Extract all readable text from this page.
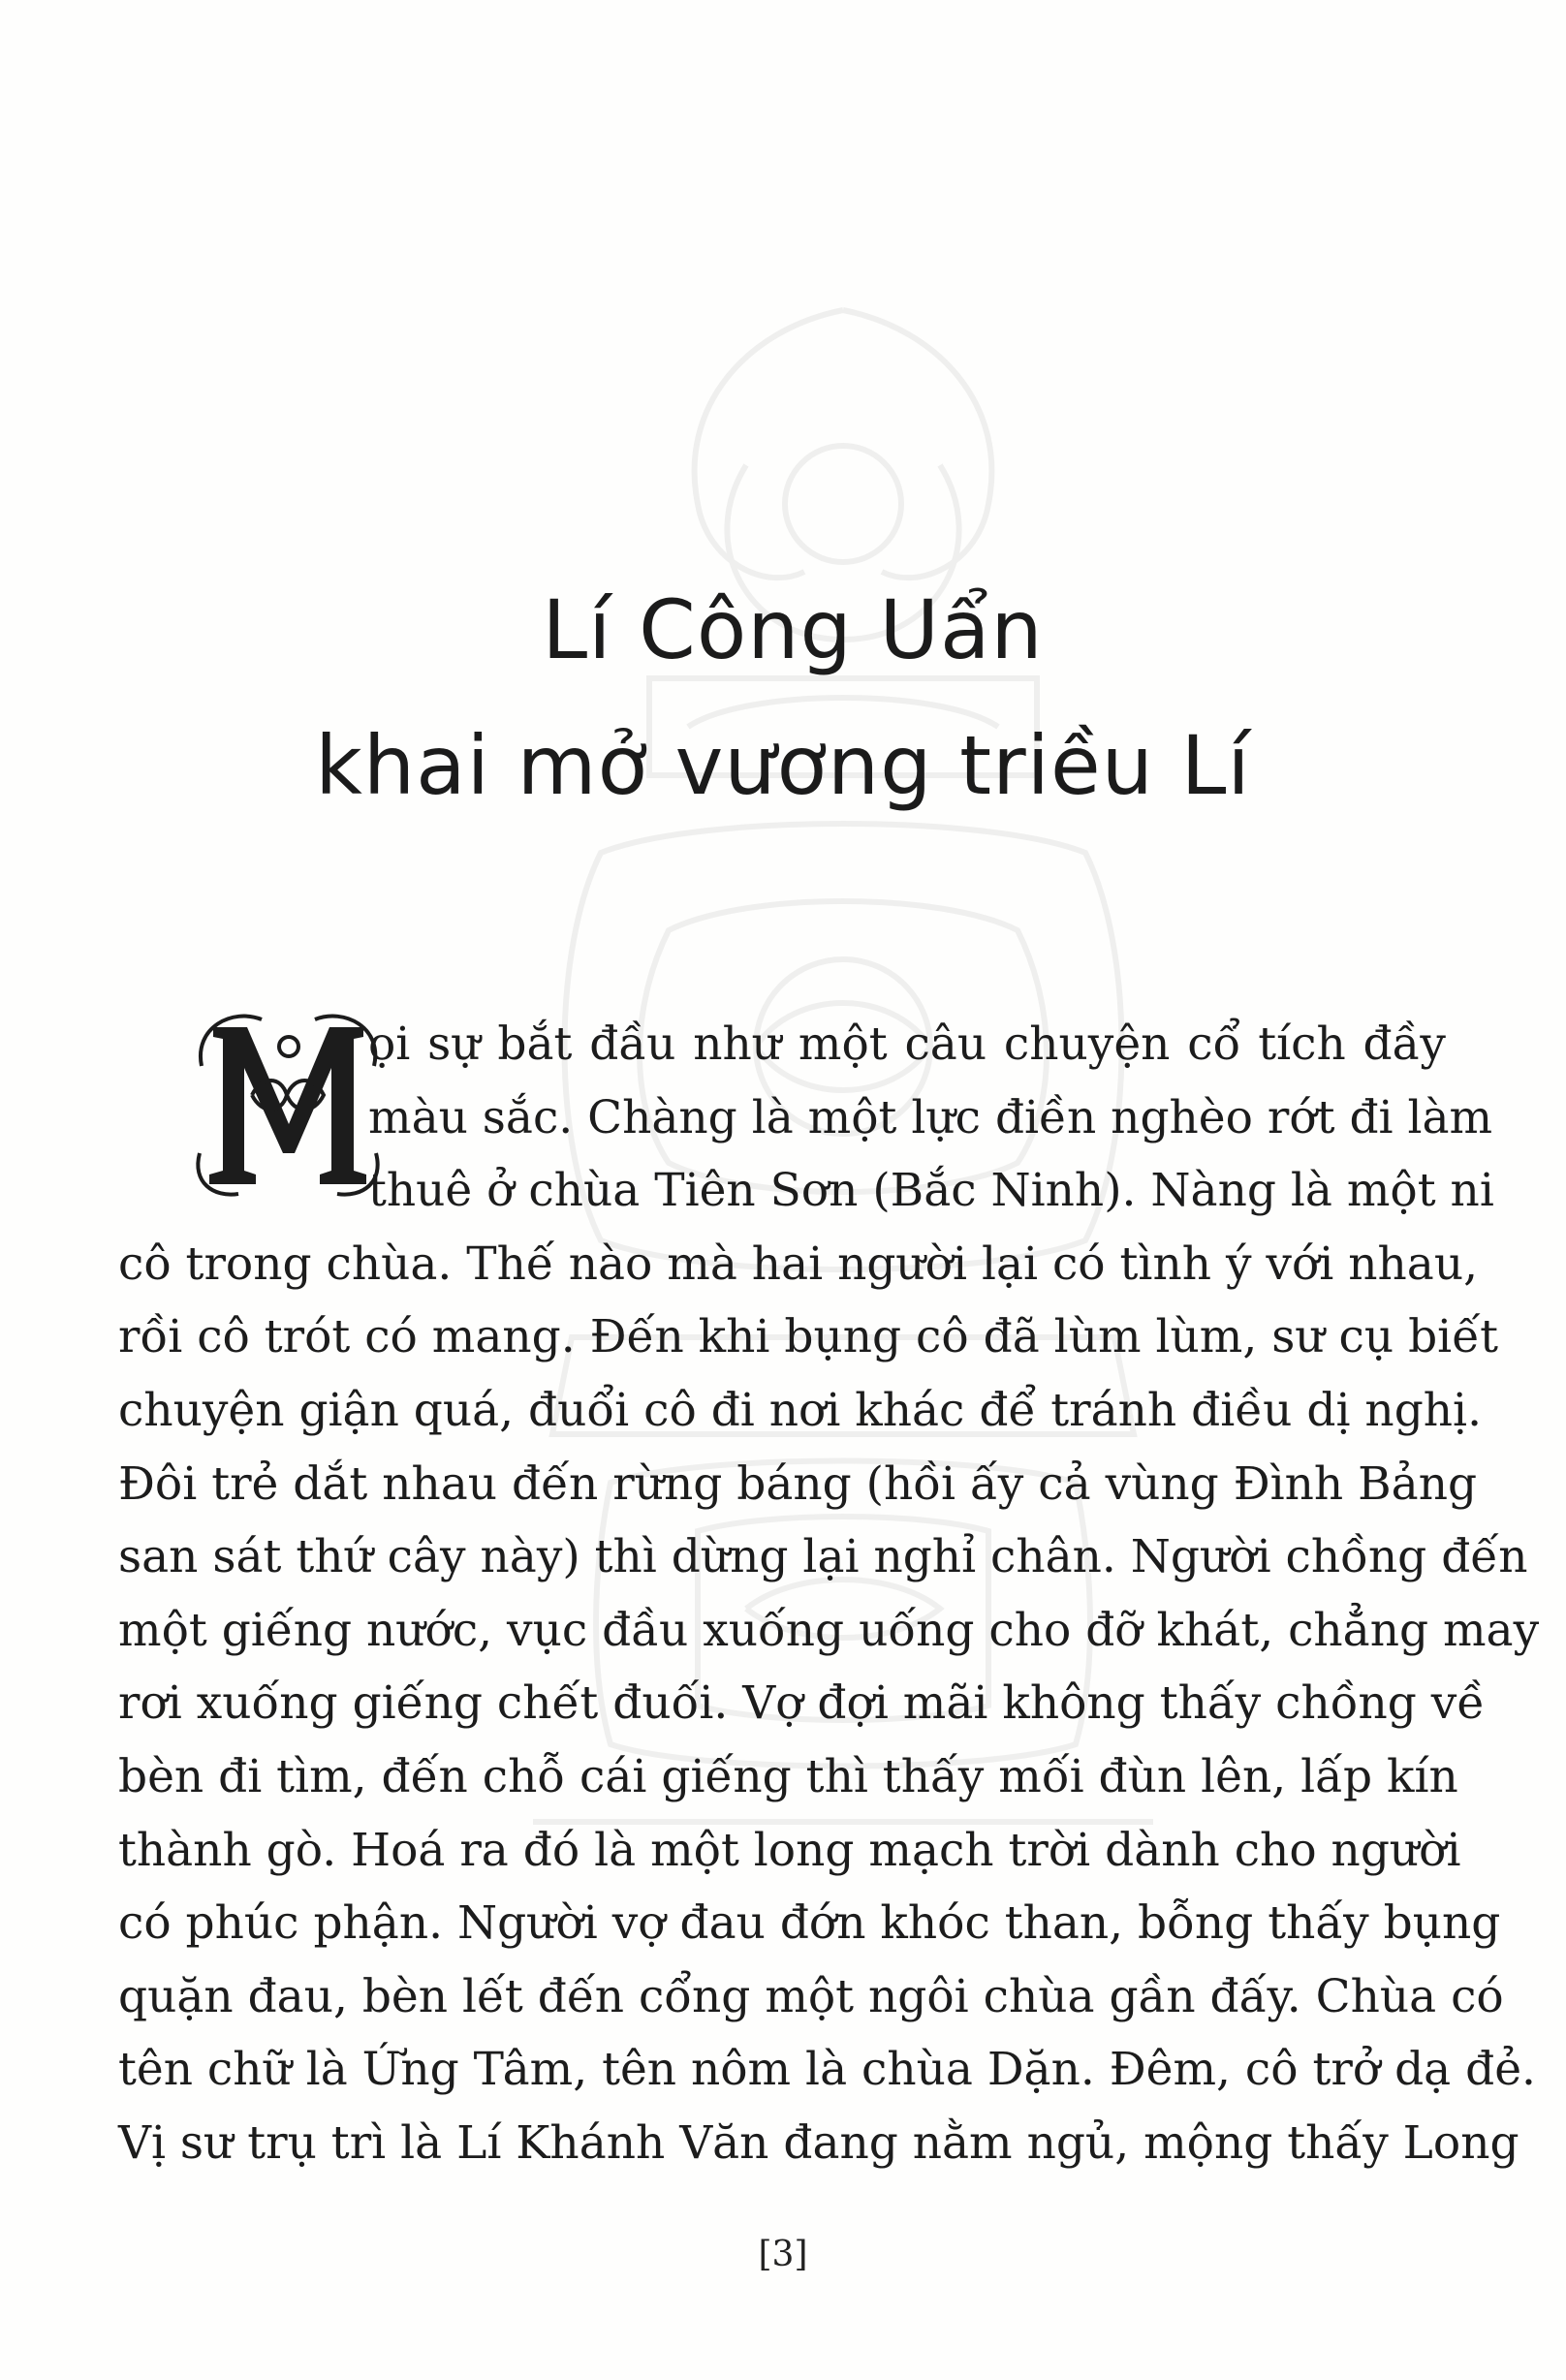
Lí Công Uẩn
khai mở vương triều Lí
ọi sự bắt đầu như một câu chuyện cổ tích đầy
màu sắc. Chàng là một lực điền nghèo rớt đi làm
thuê ở chùa Tiên Sơn (Bắc Ninh). Nàng là một ni
cô trong chùa. Thế nào mà hai người lại có tình ý với nhau,
rồi cô trót có mang. Đến khi bụng cô đã lùm lùm, sư cụ biết
chuyện giận quá, đuổi cô đi nơi khác để tránh điều dị nghị.
Đôi trẻ dắt nhau đến rừng báng (hồi ấy cả vùng Đình Bảng
san sát thứ cây này) thì dừng lại nghỉ chân. Người chồng đến
một giếng nước, vục đầu xuống uống cho đỡ khát, chẳng may
rơi xuống giếng chết đuối. Vợ đợi mãi không thấy chồng về
bèn đi tìm, đến chỗ cái giếng thì thấy mối đùn lên, lấp kín
thành gò. Hoá ra đó là một long mạch trời dành cho người
có phúc phận. Người vợ đau đớn khóc than, bỗng thấy bụng
quặn đau, bèn lết đến cổng một ngôi chùa gần đấy. Chùa có
tên chữ là Ứng Tâm, tên nôm là chùa Dặn. Đêm, cô trở dạ đẻ.
Vị sư trụ trì là Lí Khánh Văn đang nằm ngủ, mộng thấy Long
[3]
